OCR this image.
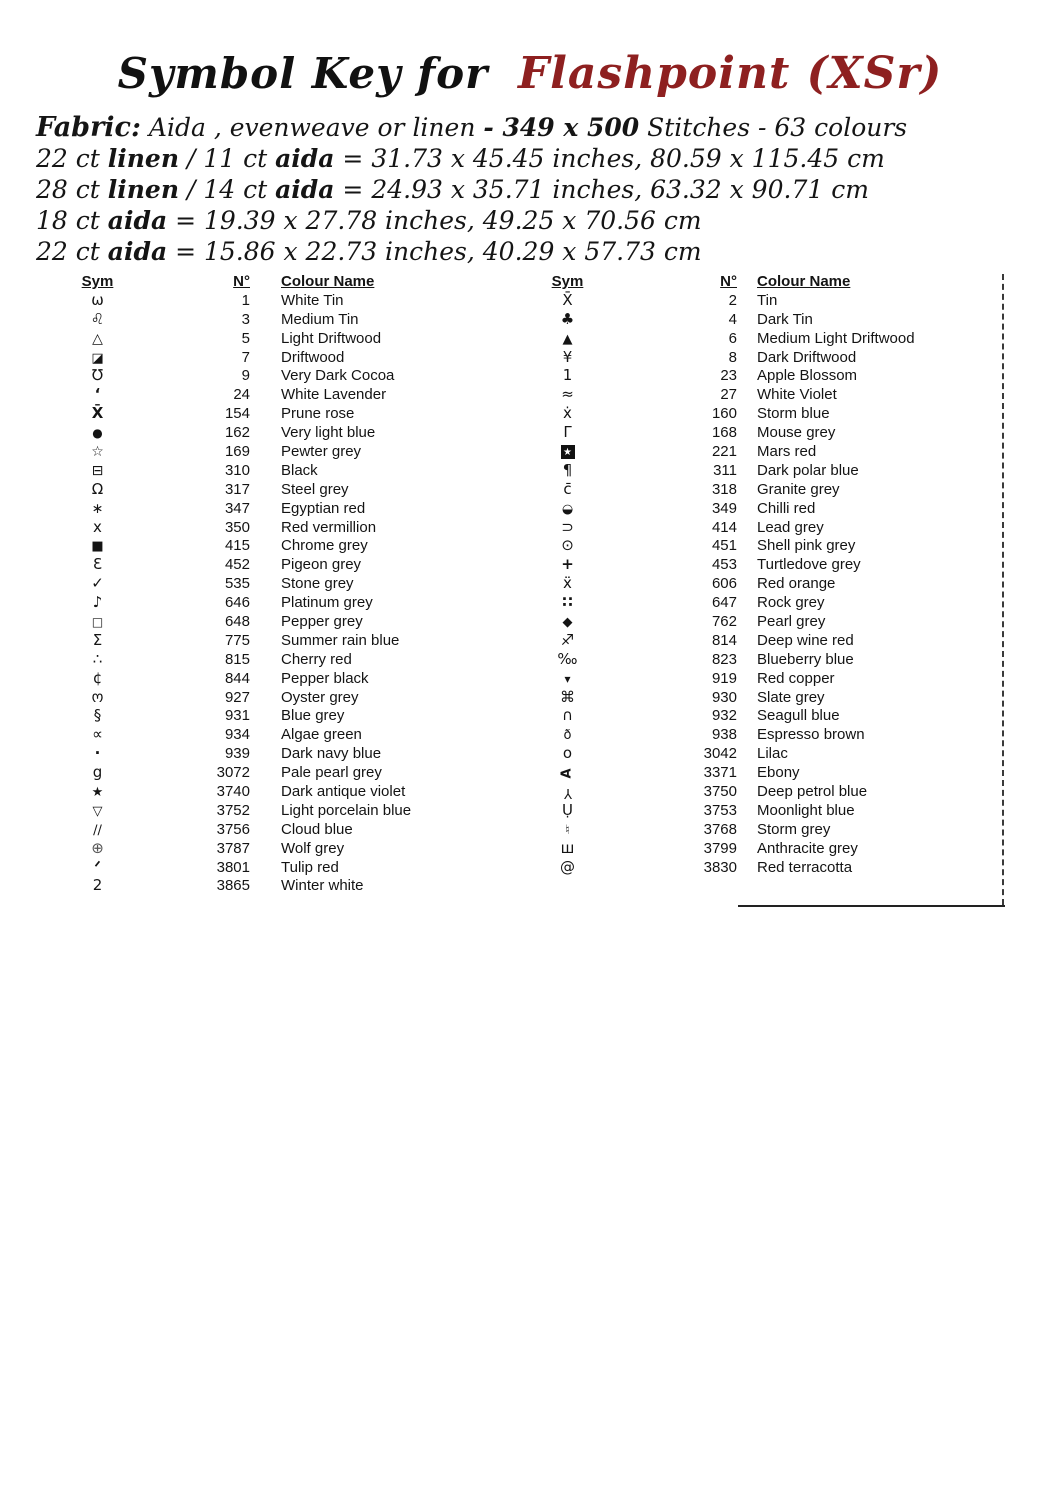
Symbol Key for Flashpoint (XSr)
Fabric: Aida , evenweave or linen - 349 x 500 Stitches - 63 colours
22 ct linen / 11 ct aida = 31.73 x 45.45 inches, 80.59 x 115.45 cm
28 ct linen / 14 ct aida = 24.93 x 35.71 inches, 63.32 x 90.71 cm
18 ct aida = 19.39 x 27.78 inches, 49.25 x 70.56 cm
22 ct aida = 15.86 x 22.73 inches, 40.29 x 57.73 cm
Sym	N°	Colour Name
ω	1	White Tin
♌	3	Medium Tin
△	5	Light Driftwood
◪	7	Driftwood
℧	9	Very Dark Cocoa
‘	24	White Lavender
X̄	154	Prune rose
●	162	Very light blue
☆	169	Pewter grey
⊟	310	Black
Ω	317	Steel grey
∗	347	Egyptian red
x	350	Red vermillion
■	415	Chrome grey
Ɛ	452	Pigeon grey
✓	535	Stone grey
♪	646	Platinum grey
□	648	Pepper grey
Σ	775	Summer rain blue
∴	815	Cherry red
¢	844	Pepper black
ო	927	Oyster grey
§	931	Blue grey
∝	934	Algae green
·	939	Dark navy blue
g	3072	Pale pearl grey
★	3740	Dark antique violet
▽	3752	Light porcelain blue
∕∕	3756	Cloud blue
⊕	3787	Wolf grey
ᐟ	3801	Tulip red
2	3865	Winter white
Sym	N°	Colour Name
X̄	2	Tin
♣	4	Dark Tin
▲	6	Medium Light Driftwood
¥	8	Dark Driftwood
1	23	Apple Blossom
≈	27	White Violet
ẋ	160	Storm blue
Γ	168	Mouse grey
★	221	Mars red
¶	311	Dark polar blue
c̄	318	Granite grey
◒	349	Chilli red
⊃	414	Lead grey
⊙	451	Shell pink grey
+	453	Turtledove grey
ẍ	606	Red orange
∷	647	Rock grey
◆	762	Pearl grey
♐	814	Deep wine red
‰	823	Blueberry blue
▾	919	Red copper
⌘	930	Slate grey
∩	932	Seagull blue
ð	938	Espresso brown
o	3042	Lilac
A	3371	Ebony
Y	3750	Deep petrol blue
Ụ	3753	Moonlight blue
♮	3768	Storm grey
ш	3799	Anthracite grey
@	3830	Red terracotta
